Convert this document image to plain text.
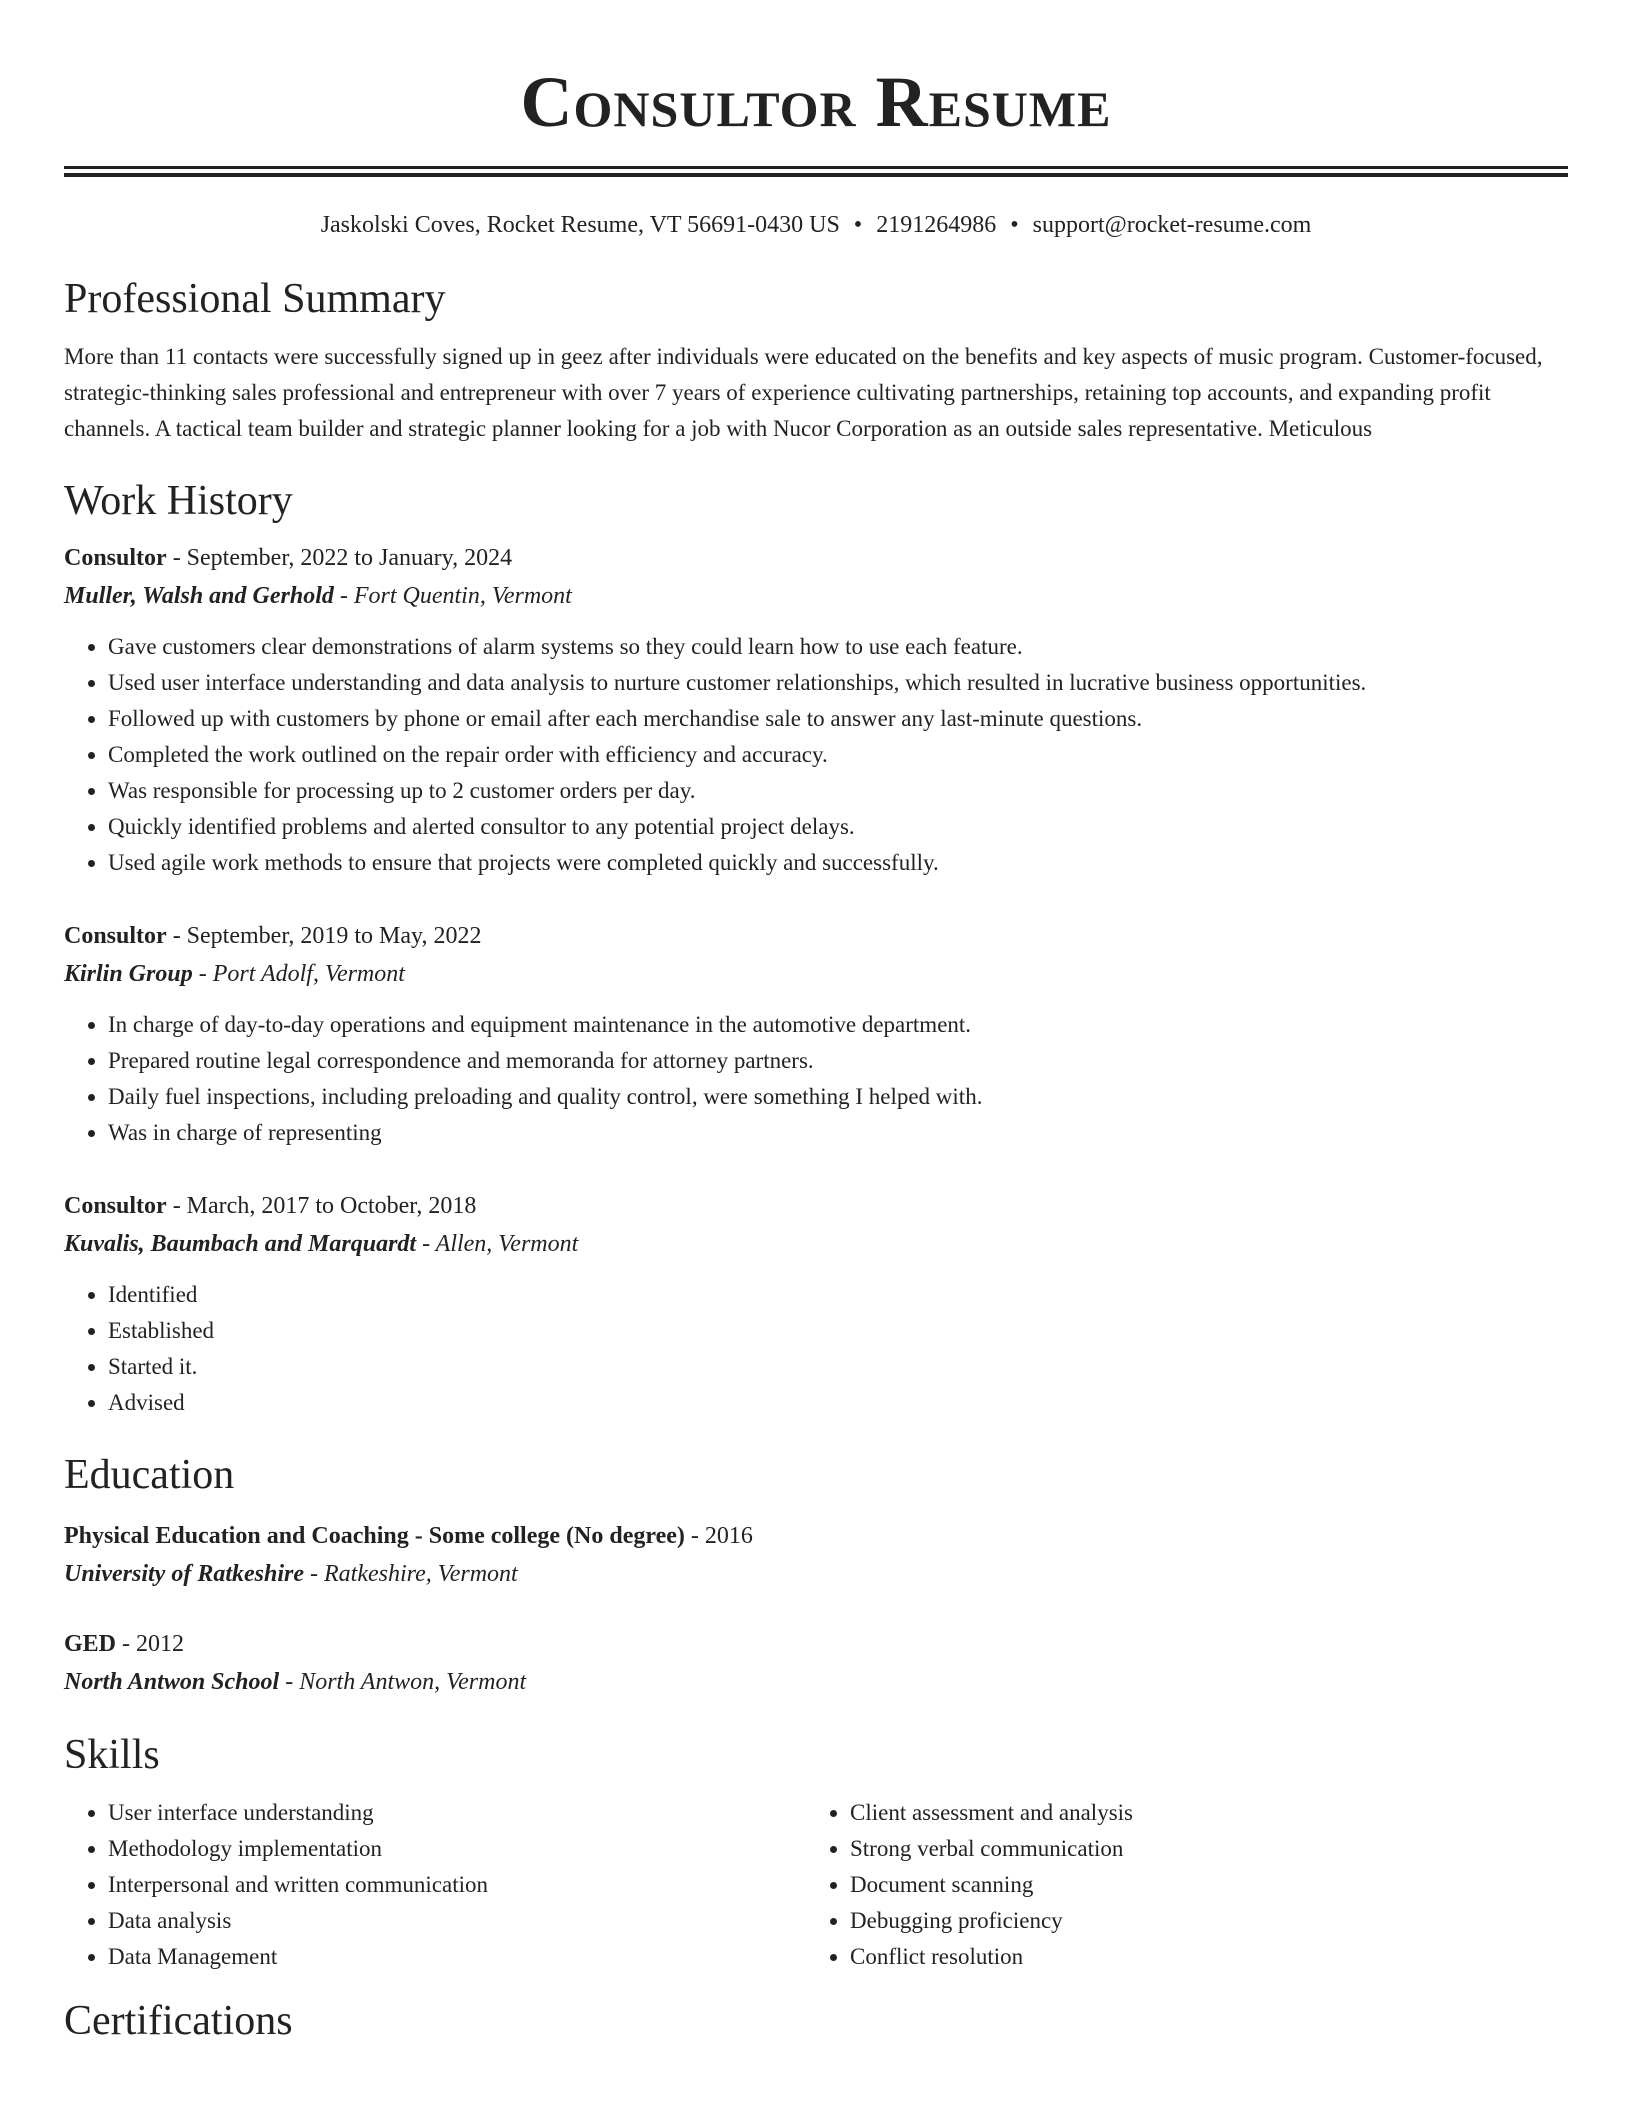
Consultor Resume
Jaskolski Coves, Rocket Resume, VT 56691-0430 US • 2191264986 • support@rocket-resume.com
Professional Summary

More than 11 contacts were successfully signed up in geez after individuals were educated on the benefits and key aspects of music program. Customer-focused, strategic-thinking sales professional and entrepreneur with over 7 years of experience cultivating partnerships, retaining top accounts, and expanding profit channels. A tactical team builder and strategic planner looking for a job with Nucor Corporation as an outside sales representative. Meticulous

Work History
Consultor - September, 2022 to January, 2024
Muller, Walsh and Gerhold - Fort Quentin, Vermont
• Gave customers clear demonstrations of alarm systems so they could learn how to use each feature.
• Used user interface understanding and data analysis to nurture customer relationships, which resulted in lucrative business opportunities.
• Followed up with customers by phone or email after each merchandise sale to answer any last-minute questions.
• Completed the work outlined on the repair order with efficiency and accuracy.
• Was responsible for processing up to 2 customer orders per day.
• Quickly identified problems and alerted consultor to any potential project delays.
• Used agile work methods to ensure that projects were completed quickly and successfully.
Consultor - September, 2019 to May, 2022
Kirlin Group - Port Adolf, Vermont
• In charge of day-to-day operations and equipment maintenance in the automotive department.
• Prepared routine legal correspondence and memoranda for attorney partners.
• Daily fuel inspections, including preloading and quality control, were something I helped with.
• Was in charge of representing
Consultor - March, 2017 to October, 2018
Kuvalis, Baumbach and Marquardt - Allen, Vermont
• Identified
• Established
• Started it.
• Advised
Education
Physical Education and Coaching - Some college (No degree) - 2016
University of Ratkeshire - Ratkeshire, Vermont
GED - 2012
North Antwon School - North Antwon, Vermont
Skills
• User interface understanding
• Methodology implementation
• Interpersonal and written communication
• Data analysis
• Data Management
• Client assessment and analysis
• Strong verbal communication
• Document scanning
• Debugging proficiency
• Conflict resolution
Certifications
